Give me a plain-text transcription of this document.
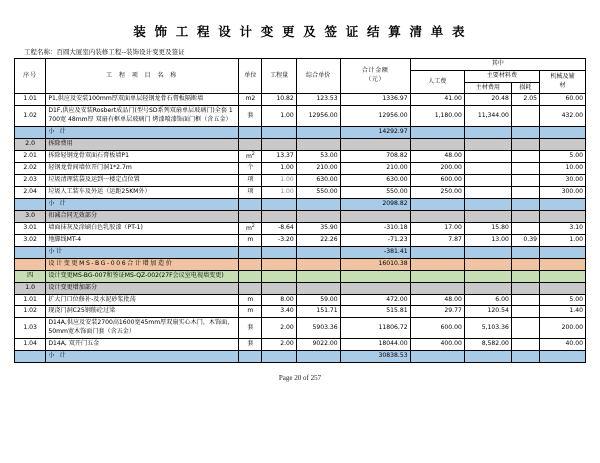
装 饰 工 程 设 计 变 更 及 签 证 结 算 清 单 表
工程名称：百圆大厦室内装修工程--装饰设计变更及签证
序号	工 程 项 目 名 称	单位	工程量	综合单价	合计金额
（元）	其中			
						人工费	主要材料费		机械及辅
材

							主材费用	损耗	
1.01	P1,供应及安装100mm厚双面单层轻钢龙骨石膏板隔断墙	m2	10.82	123.53	1336.97	41.00	20.48	2.05	60.00
1.02	D1F,供应及安装Rosbert成品门(型号SD系列双扇单层玻璃门)全套 1700宽 48mm厚 双扇有框单层玻璃门 烤漆喷漆饰面门框（含五金）	套	1.00	12956.00	12956.00	1,180.00	11,344.00		432.00
	小 计				14292.97				
2.0	拆除费用								
2.01	拆除轻钢龙骨双面石膏板墙P1	$m^2$	13.37	53.00	708.82	48.00			5.00
2.02	轻钢龙骨间墙位开门洞1*2.7m	个	1.00	210.00	210.00	200.00			10.00
2.03	垃圾清理装袋及运到一楼定点位置	项	1.00	630.00	630.00	600.00			30.00
2.04	垃圾人工装车及外运（运距25KM外）	项	1.00	550.00	550.00	250.00			300.00
	小 计				2098.82				
3.0	扣减合同无效部分								
3.01	墙面抹灰及涂刷白色乳胶漆（PT-1)	$m^2$	-8.64	35.90	-310.18	17.00	15.80		3.10
3.02	地脚线MT-4	m	-3.20	22.26	-71.23	7.87	13.00	0.39	1.00
	小计				-381.41				
	设计变更MS-BG-006合计增加造价				16010.38				
四	设计变更MS-BG-007和签证MS-QZ-002(27F会议室电视墙变更)								
1.0	设计变更增加部分								
1.01	扩大门口位修补-及水泥砂浆批荡	m	8.00	59.00	472.00	48.00	6.00		5.00
1.02	现浇门洞C25钢筋砼过梁	m	3.40	151.71	515.81	29.77	120.54		1.40
1.03	D14A,供应及安装2700高1600宽45mm厚双扇实心木门，木饰面，50mm宽木饰面门套（含五金）	套	2.00	5903.36	11806.72	600.00	5,103.36		200.00
1.04	D14A, 双开门五金	套	2.00	9022.00	18044.00	400.00	8,582.00		40.00
	小 计				30838.53				
Page 20 of 257
